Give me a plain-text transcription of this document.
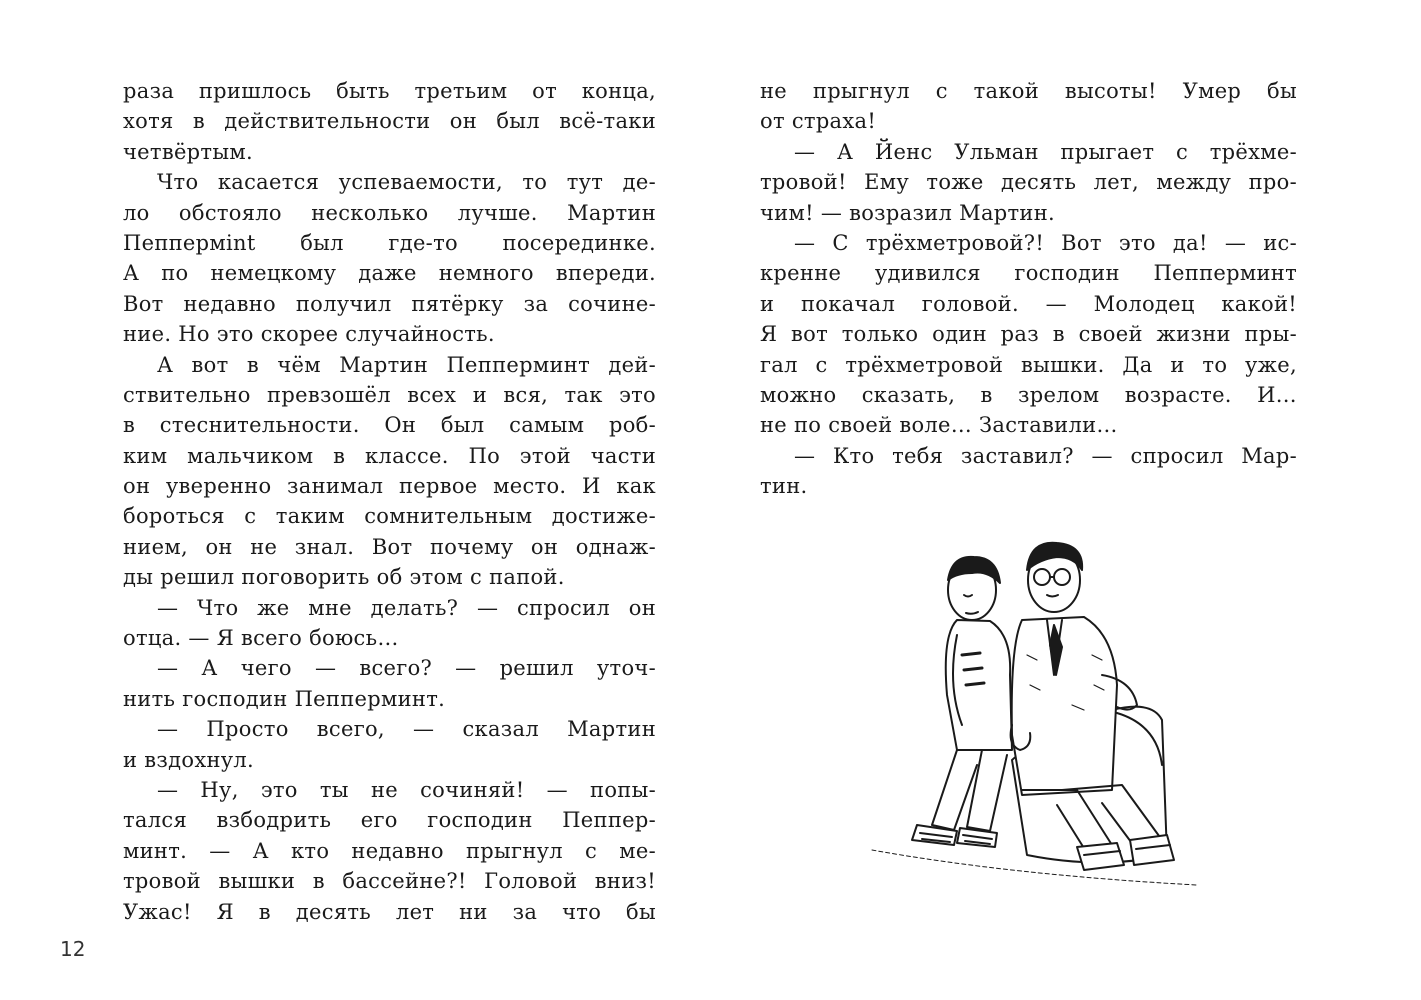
раза пришлось быть третьим от конца,
хотя в действительности он был всё-таки
четвёртым.
Что касается успеваемости, то тут де-
ло обстояло несколько лучше. Мартин
Пеппермint был где-то посерединке.
А по немецкому даже немного впереди.
Вот недавно получил пятёрку за сочине-
ние. Но это скорее случайность.
А вот в чём Мартин Пепперминт дей-
ствительно превзошёл всех и вся, так это
в стеснительности. Он был самым роб-
ким мальчиком в классе. По этой части
он уверенно занимал первое место. И как
бороться с таким сомнительным достиже-
нием, он не знал. Вот почему он однаж-
ды решил поговорить об этом с папой.
— Что же мне делать? — спросил он
отца. — Я всего боюсь…
— А чего — всего? — решил уточ-
нить господин Пепперминт.
— Просто всего, — сказал Мартин
и вздохнул.
— Ну, это ты не сочиняй! — попы-
тался взбодрить его господин Пеппер-
минт. — А кто недавно прыгнул с ме-
тровой вышки в бассейне?! Головой вниз!
Ужас! Я в десять лет ни за что бы
не прыгнул с такой высоты! Умер бы
от страха!
— А Йенс Ульман прыгает с трёхме-
тровой! Ему тоже десять лет, между про-
чим! — возразил Мартин.
— С трёхметровой?! Вот это да! — ис-
кренне удивился господин Пепперминт
и покачал головой. — Молодец какой!
Я вот только один раз в своей жизни пры-
гал с трёхметровой вышки. Да и то уже,
можно сказать, в зрелом возрасте. И…
не по своей воле… Заставили…
— Кто тебя заставил? — спросил Мар-
тин.
12
